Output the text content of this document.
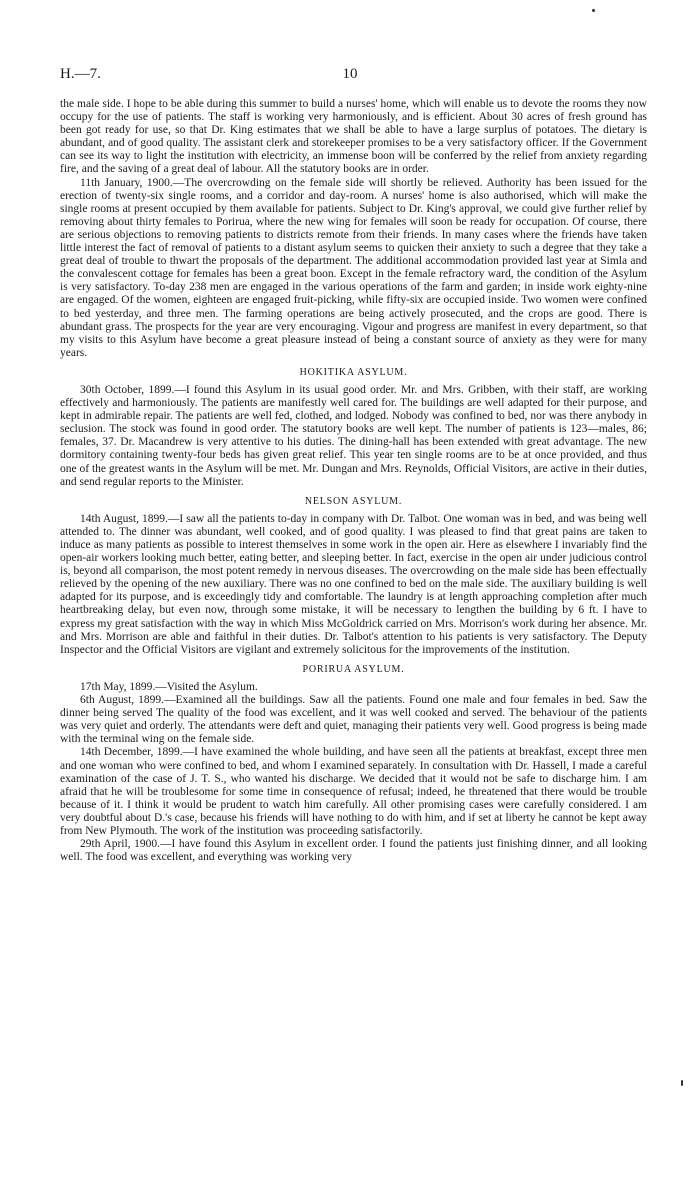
H.—7.	10

the male side. I hope to be able during this summer to build a nurses' home, which will enable us to devote the rooms they now occupy for the use of patients. The staff is working very harmoniously, and is efficient. About 30 acres of fresh ground has been got ready for use, so that Dr. King estimates that we shall be able to have a large surplus of potatoes. The dietary is abundant, and of good quality. The assistant clerk and storekeeper promises to be a very satisfactory officer. If the Government can see its way to light the institution with electricity, an immense boon will be conferred by the relief from anxiety regarding fire, and the saving of a great deal of labour. All the statutory books are in order.

11th January, 1900.—The overcrowding on the female side will shortly be relieved. Authority has been issued for the erection of twenty-six single rooms, and a corridor and day-room. A nurses' home is also authorised, which will make the single rooms at present occupied by them available for patients. Subject to Dr. King's approval, we could give further relief by removing about thirty females to Porirua, where the new wing for females will soon be ready for occupation. Of course, there are serious objections to removing patients to districts remote from their friends. In many cases where the friends have taken little interest the fact of removal of patients to a distant asylum seems to quicken their anxiety to such a degree that they take a great deal of trouble to thwart the proposals of the department. The additional accommodation provided last year at Simla and the convalescent cottage for females has been a great boon. Except in the female refractory ward, the condition of the Asylum is very satisfactory. To-day 238 men are engaged in the various operations of the farm and garden; in inside work eighty-nine are engaged. Of the women, eighteen are engaged fruit-picking, while fifty-six are occupied inside. Two women were confined to bed yesterday, and three men. The farming operations are being actively prosecuted, and the crops are good. There is abundant grass. The prospects for the year are very encouraging. Vigour and progress are manifest in every department, so that my visits to this Asylum have become a great pleasure instead of being a constant source of anxiety as they were for many years.

HOKITIKA ASYLUM.

30th October, 1899.—I found this Asylum in its usual good order. Mr. and Mrs. Gribben, with their staff, are working effectively and harmoniously. The patients are manifestly well cared for. The buildings are well adapted for their purpose, and kept in admirable repair. The patients are well fed, clothed, and lodged. Nobody was confined to bed, nor was there anybody in seclusion. The stock was found in good order. The statutory books are well kept. The number of patients is 123—males, 86; females, 37. Dr. Macandrew is very attentive to his duties. The dining-hall has been extended with great advantage. The new dormitory containing twenty-four beds has given great relief. This year ten single rooms are to be at once provided, and thus one of the greatest wants in the Asylum will be met. Mr. Dungan and Mrs. Reynolds, Official Visitors, are active in their duties, and send regular reports to the Minister.

NELSON ASYLUM.

14th August, 1899.—I saw all the patients to-day in company with Dr. Talbot. One woman was in bed, and was being well attended to. The dinner was abundant, well cooked, and of good quality. I was pleased to find that great pains are taken to induce as many patients as possible to interest themselves in some work in the open air. Here as elsewhere I invariably find the open-air workers looking much better, eating better, and sleeping better. In fact, exercise in the open air under judicious control is, beyond all comparison, the most potent remedy in nervous diseases. The overcrowding on the male side has been effectually relieved by the opening of the new auxiliary. There was no one confined to bed on the male side. The auxiliary building is well adapted for its purpose, and is exceedingly tidy and comfortable. The laundry is at length approaching completion after much heartbreaking delay, but even now, through some mistake, it will be necessary to lengthen the building by 6 ft. I have to express my great satisfaction with the way in which Miss McGoldrick carried on Mrs. Morrison's work during her absence. Mr. and Mrs. Morrison are able and faithful in their duties. Dr. Talbot's attention to his patients is very satisfactory. The Deputy Inspector and the Official Visitors are vigilant and extremely solicitous for the improvements of the institution.

PORIRUA ASYLUM.

17th May, 1899.—Visited the Asylum.

6th August, 1899.—Examined all the buildings. Saw all the patients. Found one male and four females in bed. Saw the dinner being served The quality of the food was excellent, and it was well cooked and served. The behaviour of the patients was very quiet and orderly. The attendants were deft and quiet, managing their patients very well. Good progress is being made with the terminal wing on the female side.

14th December, 1899.—I have examined the whole building, and have seen all the patients at breakfast, except three men and one woman who were confined to bed, and whom I examined separately. In consultation with Dr. Hassell, I made a careful examination of the case of J. T. S., who wanted his discharge. We decided that it would not be safe to discharge him. I am afraid that he will be troublesome for some time in consequence of refusal; indeed, he threatened that there would be trouble because of it. I think it would be prudent to watch him carefully. All other promising cases were carefully considered. I am very doubtful about D.'s case, because his friends will have nothing to do with him, and if set at liberty he cannot be kept away from New Plymouth. The work of the institution was proceeding satisfactorily.

29th April, 1900.—I have found this Asylum in excellent order. I found the patients just finishing dinner, and all looking well. The food was excellent, and everything was working very
